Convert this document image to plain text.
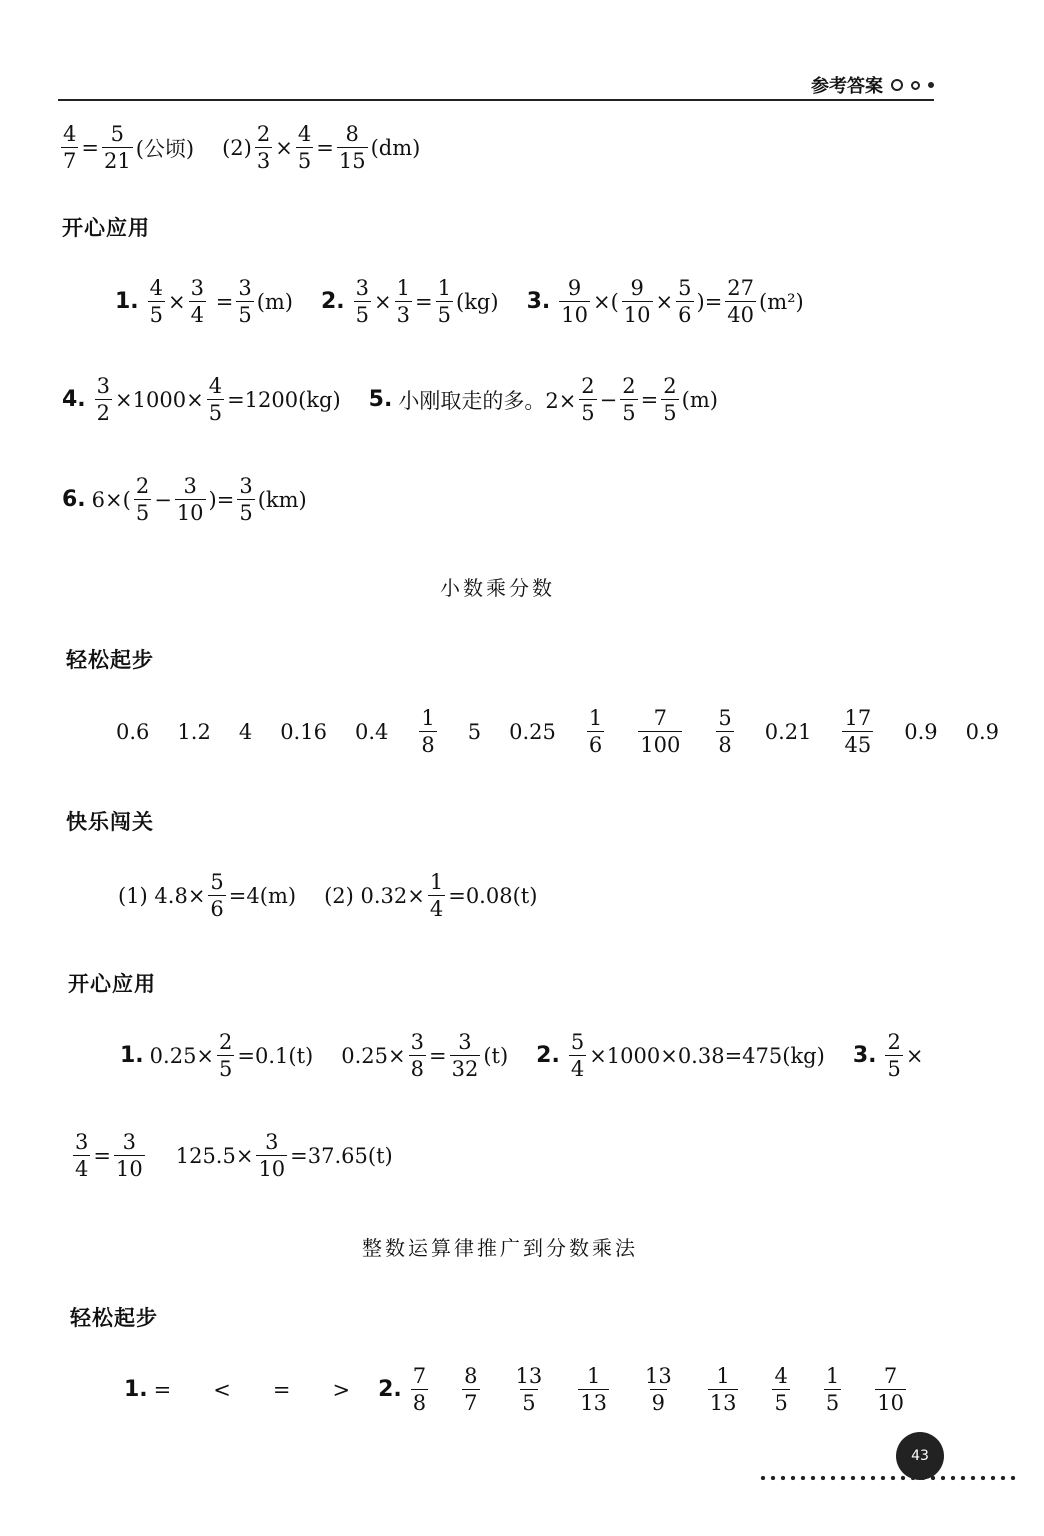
参考答案
$\frac{4}{7} = \frac{5}{21}$ (公顷) $(2) \frac{2}{3} \times \frac{4}{5} = \frac{8}{15} (dm)$
开心应用
1. $\frac{4}{5} \times \frac{3}{4} = \frac{3}{5} (m)$ 2. $\frac{3}{5} \times \frac{1}{3} = \frac{1}{5} (kg)$ 3. $\frac{9}{10}$ ×( $\frac{9}{10} \times \frac{5}{6}$ )= $\frac{27}{40} (m^2)$
4. $\frac{3}{2} \times 1000\times \frac{4}{5} =1200(kg)$ 5. 小刚取走的多。$2\times \frac{2}{5} - \frac{2}{5} = \frac{2}{5} (m)$
6. $6\times( \frac{2}{5} - \frac{3}{10}$ )= $\frac{3}{5} (km)$
小数乘分数
轻松起步
0.6 1.2 4 0.16 $0.4 \frac{1}{8} 5$ $0.25 \frac{1}{6} \frac{7}{100} \frac{5}{8} 0.21 \frac{17}{45} 0.9$ 0.9
快乐闯关
(1) $4.8\times \frac{5}{6} =4(m)$ (2) $0.32\times \frac{1}{4} =0.08(t)$
开心应用
1. $0.25\times \frac{2}{5} =0.1(t)$ $0.25\times \frac{3}{8} = \frac{3}{32} (t)$ 2. $\frac{5}{4} \times 1000\times 0.38=475(kg)$ 3. $\frac{2}{5}$ ×
$\frac{3}{4} = \frac{3}{10} 125.5\times \frac{3}{10} =37.65(t)$
整数运算律推广到分数乘法
轻松起步
1. = < = > 2. $\frac{7}{8} \frac{8}{7} \frac{13}{5} \frac{1}{13} \frac{13}{9} \frac{1}{13} \frac{4}{5} \frac{1}{5} \frac{7}{10}$
43
